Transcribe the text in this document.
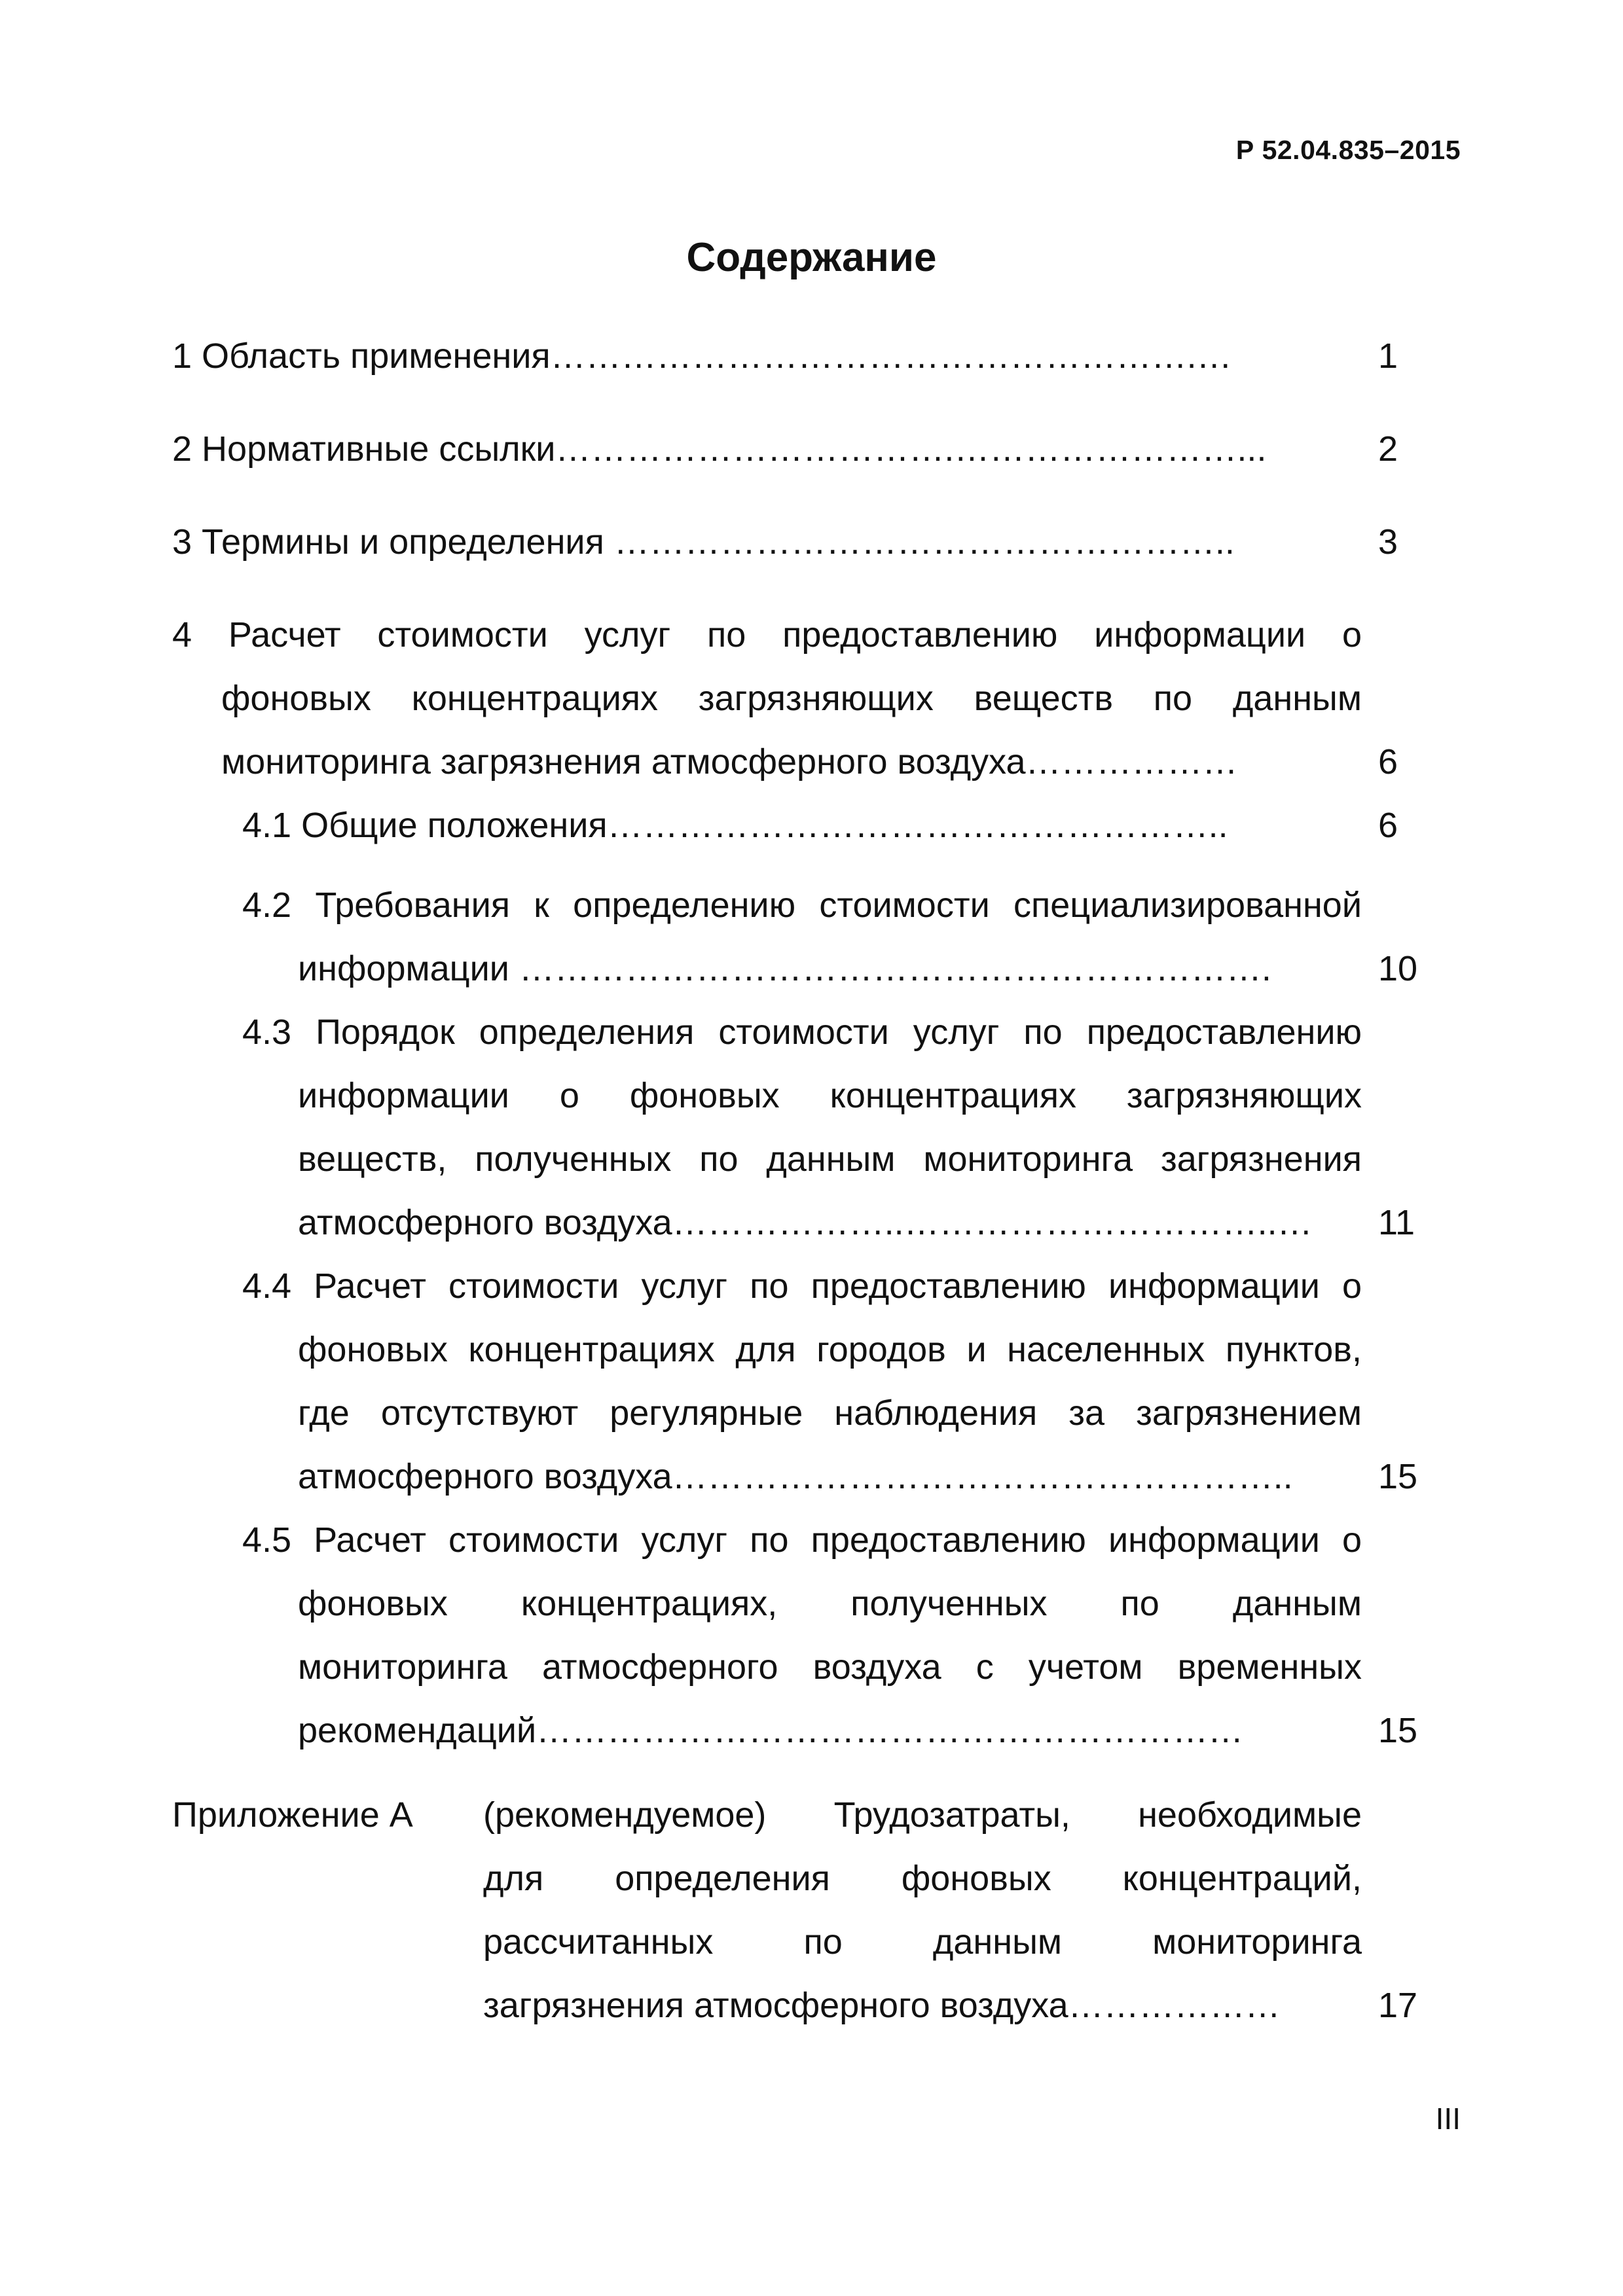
Р 52.04.835–2015
Содержание
1 Область применения……………………………………………….…	1
2 Нормативные ссылки…………………………….……………………...	2
3 Термины и определения ……………………………………………..	3
4 Расчет стоимости услуг по предоставлению информации о
фоновых концентрациях загрязняющих веществ по данным
мониторинга загрязнения атмосферного воздуха………………	6
4.1 Общие положения……………………………………………..	6
4.2 Требования к определению стоимости специализированной
информации ……………………………………………………….	10
4.3 Порядок определения стоимости услуг по предоставлению
информации о фоновых концентрациях загрязняющих
веществ, полученных по данным мониторинга загрязнения
атмосферного воздуха………………..…………………………..… 11
4.4 Расчет стоимости услуг по предоставлению информации о
фоновых концентрациях для городов и населенных пунктов,
где отсутствуют регулярные наблюдения за загрязнением
атмосферного воздуха…………………………………………….. 15
4.5 Расчет стоимости услуг по предоставлению информации о
фоновых концентрациях, полученных по данным
мониторинга атмосферного воздуха с учетом временных
рекомендаций……………………………………………………	15
Приложение А (рекомендуемое) Трудозатраты, необходимые
для определения фоновых концентраций,
рассчитанных по данным мониторинга
загрязнения атмосферного воздуха………………	17
III
